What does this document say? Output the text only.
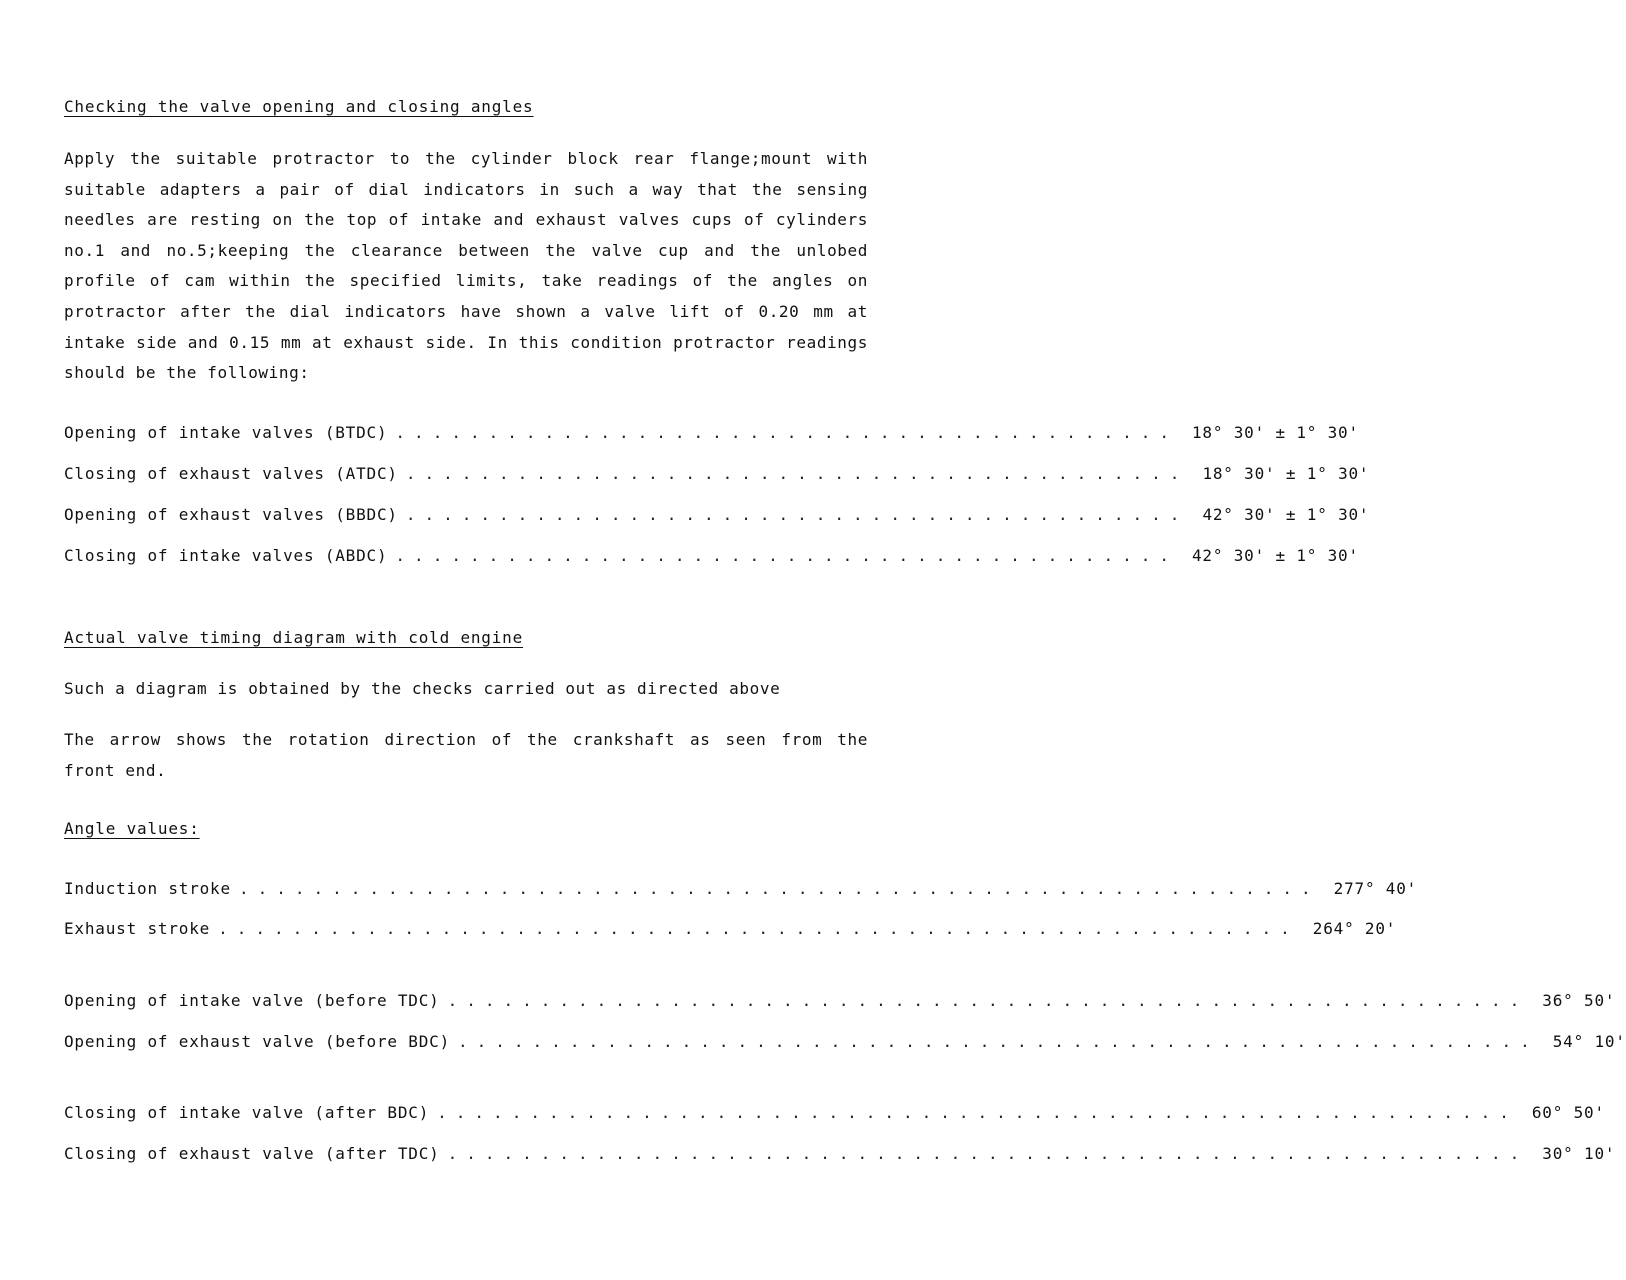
Checking the valve opening and closing angles
Apply the suitable protractor to the cylinder block rear flange;mount with suitable adapters a pair of dial indicators in such a way that the sensing needles are resting on the top of intake and exhaust valves cups of cylinders no.1 and no.5;keeping the clearance between the valve cup and the unlobed profile of cam within the specified limits, take readings of the angles on protractor after the dial indicators have shown a valve lift of 0.20 mm at intake side and 0.15 mm at exhaust side. In this condition protractor readings should be the following:
Opening of intake valves (BTDC) .......................................... 18° 30' ± 1° 30'
Closing of exhaust valves (ATDC) .......................................... 18° 30' ± 1° 30'
Opening of exhaust valves (BBDC) .......................................... 42° 30' ± 1° 30'
Closing of intake valves (ABDC) .......................................... 42° 30' ± 1° 30'
Actual valve timing diagram with cold engine
Such a diagram is obtained by the checks carried out as directed above
The arrow shows the rotation direction of the crankshaft as seen from the front end.
Angle values:
Induction stroke .......................................................... 277° 40'
Exhaust stroke .......................................................... 264° 20'
Opening of intake valve (before TDC) .......................................................... 36° 50'
Opening of exhaust valve (before BDC) .......................................................... 54° 10'
Closing of intake valve (after BDC) .......................................................... 60° 50'
Closing of exhaust valve (after TDC) .......................................................... 30° 10'
